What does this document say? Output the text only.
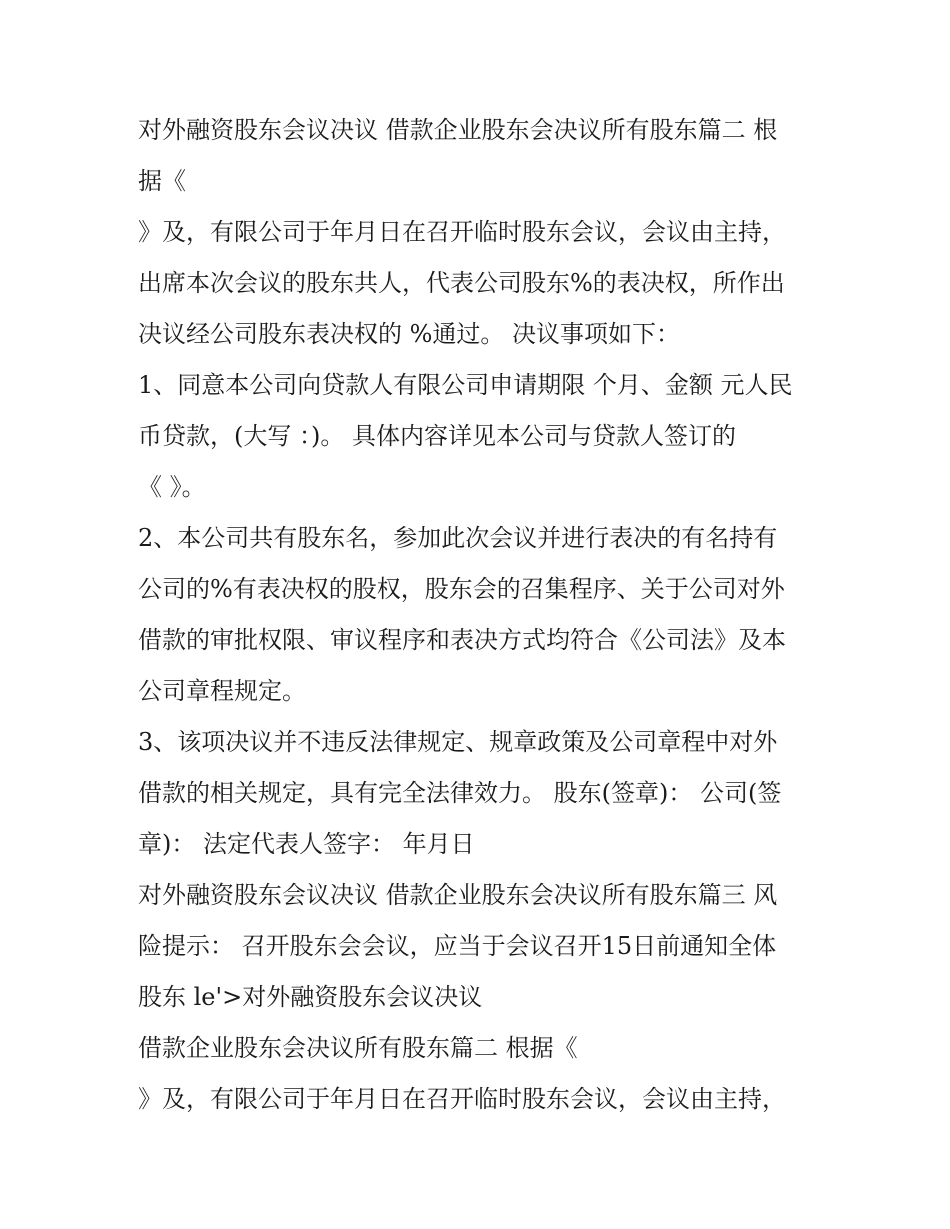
对外融资股东会议决议 借款企业股东会决议所有股东篇二 根
据《
》及，有限公司于年月日在召开临时股东会议，会议由主持，
出席本次会议的股东共人，代表公司股东%的表决权，所作出
决议经公司股东表决权的 %通过。 决议事项如下：
1、同意本公司向贷款人有限公司申请期限 个月、金额 元人民
币贷款，(大写 ：)。 具体内容详见本公司与贷款人签订的
《 》。
2、本公司共有股东名，参加此次会议并进行表决的有名持有
公司的%有表决权的股权，股东会的召集程序、关于公司对外
借款的审批权限、审议程序和表决方式均符合《公司法》及本
公司章程规定。
3、该项决议并不违反法律规定、规章政策及公司章程中对外
借款的相关规定，具有完全法律效力。 股东(签章)： 公司(签
章)： 法定代表人签字： 年月日
对外融资股东会议决议 借款企业股东会决议所有股东篇三 风
险提示： 召开股东会会议，应当于会议召开15日前通知全体
股东 le'>对外融资股东会议决议
借款企业股东会决议所有股东篇二 根据《
》及，有限公司于年月日在召开临时股东会议，会议由主持，
